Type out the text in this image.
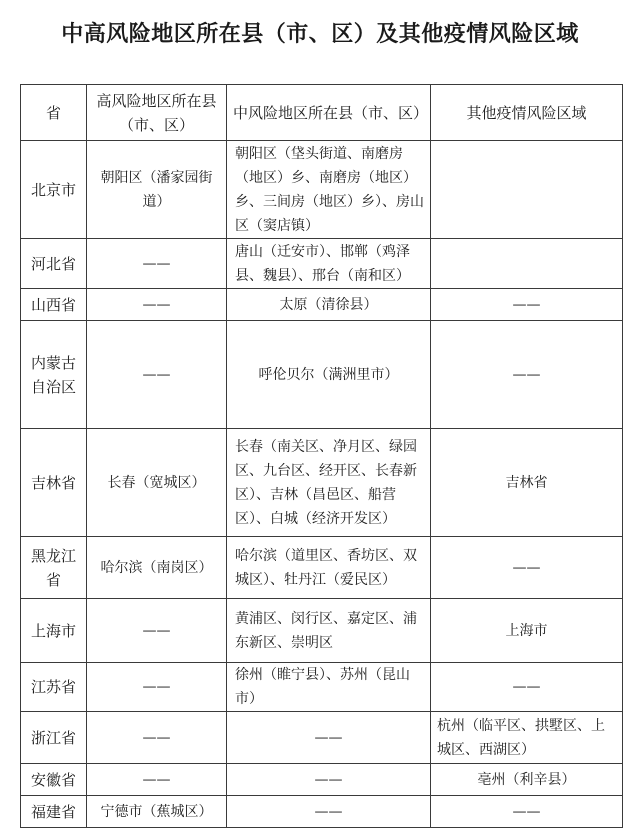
中高风险地区所在县（市、区）及其他疫情风险区域
省	高风险地区所在县（市、区）	中风险地区所在县（市、区）	其他疫情风险区域
北京市	朝阳区（潘家园街道）	朝阳区（垡头街道、南磨房（地区）乡、南磨房（地区）乡、三间房（地区）乡）、房山区（窦店镇）	
河北省	——	唐山（迁安市）、邯郸（鸡泽县、魏县）、邢台（南和区）	
山西省	——	太原（清徐县）	——
内蒙古自治区	——	呼伦贝尔（满洲里市）	——
吉林省	长春（宽城区）	长春（南关区、净月区、绿园区、九台区、经开区、长春新区）、吉林（昌邑区、船营区）、白城（经济开发区）	吉林省
黑龙江省	哈尔滨（南岗区）	哈尔滨（道里区、香坊区、双城区）、牡丹江（爱民区）	——
上海市	——	黄浦区、闵行区、嘉定区、浦东新区、崇明区	上海市
江苏省	——	徐州（睢宁县）、苏州（昆山市）	——
浙江省	——	——	杭州（临平区、拱墅区、上城区、西湖区）
安徽省	——	——	亳州（利辛县）
福建省	宁德市（蕉城区）	——	——
